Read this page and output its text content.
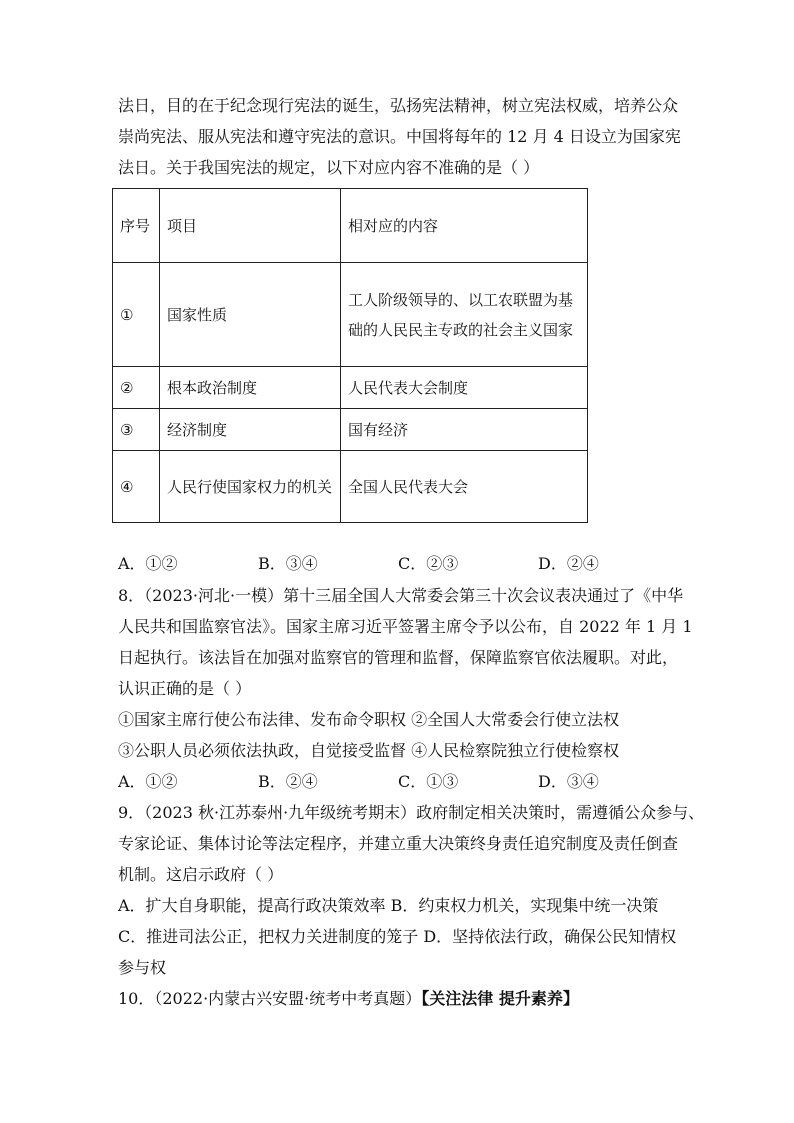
法日，目的在于纪念现行宪法的诞生，弘扬宪法精神，树立宪法权威，培养公众
崇尚宪法、服从宪法和遵守宪法的意识。中国将每年的 12 月 4 日设立为国家宪
法日。关于我国宪法的规定，以下对应内容不准确的是（ ）
序号	项目	相对应的内容
①	国家性质	工人阶级领导的、以工农联盟为基础的人民民主专政的社会主义国家
②	根本政治制度	人民代表大会制度
③	经济制度	国有经济
④	人民行使国家权力的机关	全国人民代表大会
A．①②	B．③④	C．②③	D．②④
8．（2023·河北·一模）第十三届全国人大常委会第三十次会议表决通过了《中华
人民共和国监察官法》。国家主席习近平签署主席令予以公布，自 2022 年 1 月 1
日起执行。该法旨在加强对监察官的管理和监督，保障监察官依法履职。对此，
认识正确的是（ ）
①国家主席行使公布法律、发布命令职权 ②全国人大常委会行使立法权
③公职人员必须依法执政，自觉接受监督 ④人民检察院独立行使检察权
A．①②	B．②④	C．①③	D．③④
9．（2023 秋·江苏泰州·九年级统考期末）政府制定相关决策时，需遵循公众参与、
专家论证、集体讨论等法定程序，并建立重大决策终身责任追究制度及责任倒查
机制。这启示政府（ ）
A．扩大自身职能，提高行政决策效率 B．约束权力机关，实现集中统一决策
C．推进司法公正，把权力关进制度的笼子 D．坚持依法行政，确保公民知情权
参与权
10．（2022·内蒙古兴安盟·统考中考真题）【关注法律 提升素养】
